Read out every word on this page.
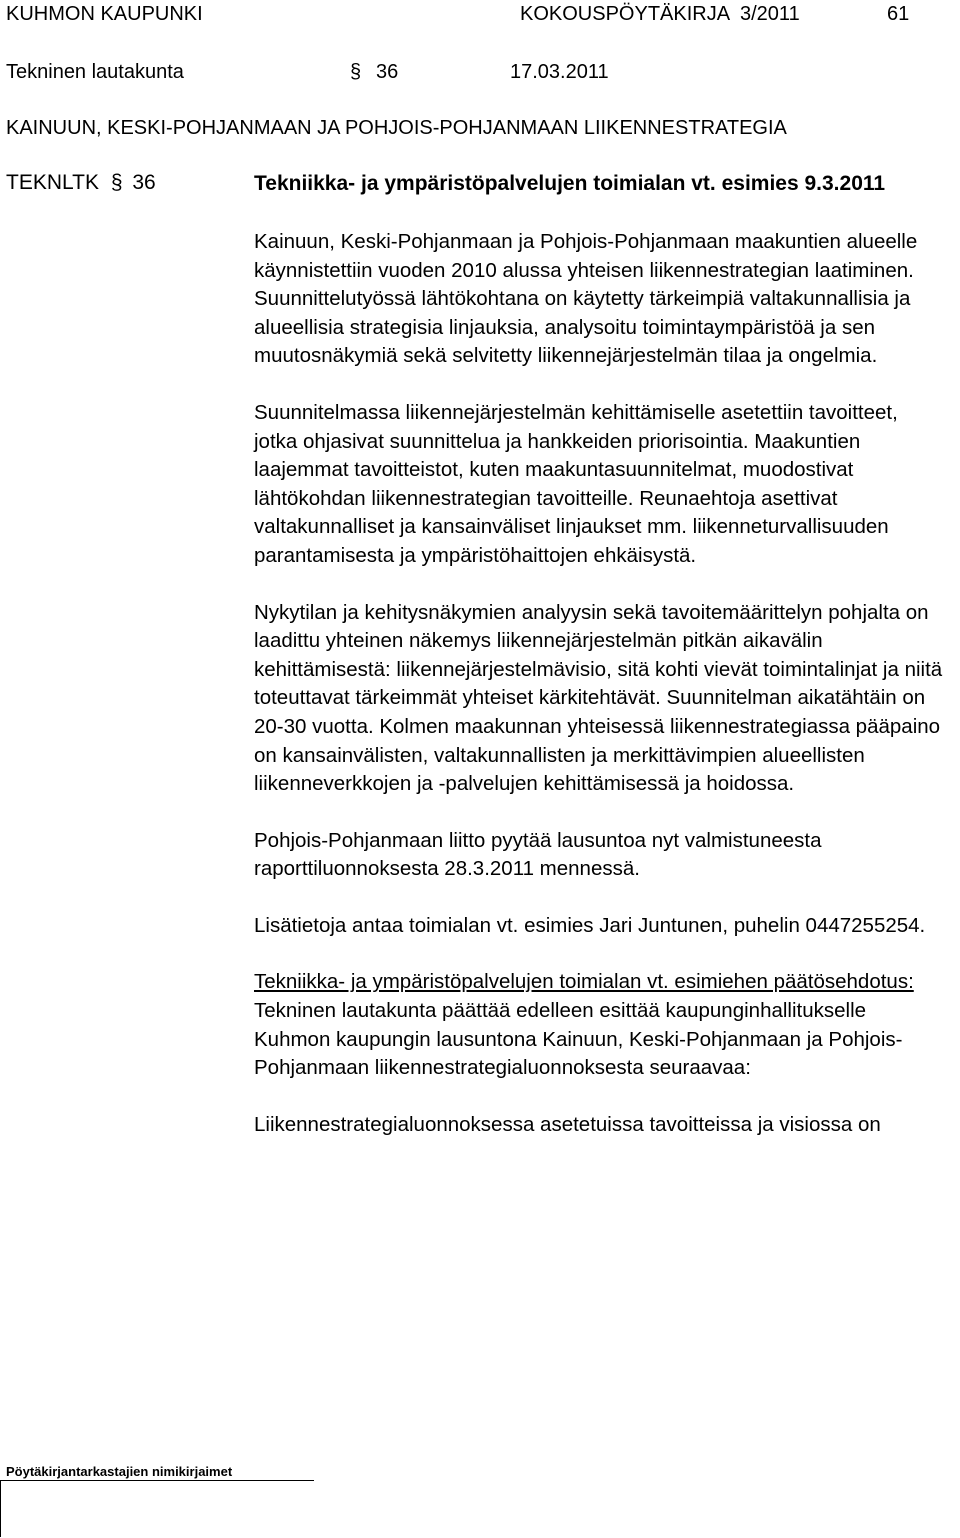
KUHMON KAUPUNKI	KOKOUSPÖYTÄKIRJA 3/2011	61
Tekninen lautakunta	§ 36	17.03.2011
KAINUUN, KESKI-POHJANMAAN JA POHJOIS-POHJANMAAN LIIKENNESTRATEGIA
TEKNLTK § 36	Tekniikka- ja ympäristöpalvelujen toimialan vt. esimies 9.3.2011

Kainuun, Keski-Pohjanmaan ja Pohjois-Pohjanmaan maakuntien alueelle käynnistettiin vuoden 2010 alussa yhteisen liikennestrategian laatiminen. Suunnittelutyössä lähtökohtana on käytetty tärkeimpiä valtakunnallisia ja alueellisia strategisia linjauksia, analysoitu toimintaympäristöä ja sen muutosnäkymiä sekä selvitetty liikennejärjestelmän tilaa ja ongelmia.

Suunnitelmassa liikennejärjestelmän kehittämiselle asetettiin tavoitteet, jotka ohjasivat suunnittelua ja hankkeiden priorisointia. Maakuntien laajemmat tavoitteistot, kuten maakuntasuunnitelmat, muodostivat lähtökohdan liikennestrategian tavoitteille. Reunaehtoja asettivat valtakunnalliset ja kansainväliset linjaukset mm. liikenneturvallisuuden parantamisesta ja ympäristöhaittojen ehkäisystä.

Nykytilan ja kehitysnäkymien analyysin sekä tavoitemäärittelyn pohjalta on laadittu yhteinen näkemys liikennejärjestelmän pitkän aikavälin kehittämisestä: liikennejärjestelmävisio, sitä kohti vievät toimintalinjat ja niitä toteuttavat tärkeimmät yhteiset kärkitehtävät. Suunnitelman aikatähtäin on 20-30 vuotta. Kolmen maakunnan yhteisessä liikennestrategiassa pääpaino on kansainvälisten, valtakunnallisten ja merkittävimpien alueellisten liikenneverkkojen ja -palvelujen kehittämisessä ja hoidossa.

Pohjois-Pohjanmaan liitto pyytää lausuntoa nyt valmistuneesta raporttiluonnoksesta 28.3.2011 mennessä.

Lisätietoja antaa toimialan vt. esimies Jari Juntunen, puhelin 0447255254.

Tekniikka- ja ympäristöpalvelujen toimialan vt. esimiehen päätösehdotus:
Tekninen lautakunta päättää edelleen esittää kaupunginhallitukselle Kuhmon kaupungin lausuntona Kainuun, Keski-Pohjanmaan ja Pohjois-Pohjanmaan liikennestrategialuonnoksesta seuraavaa:

Liikennestrategialuonnoksessa asetetuissa tavoitteissa ja visiossa on

Pöytäkirjantarkastajien nimikirjaimet
